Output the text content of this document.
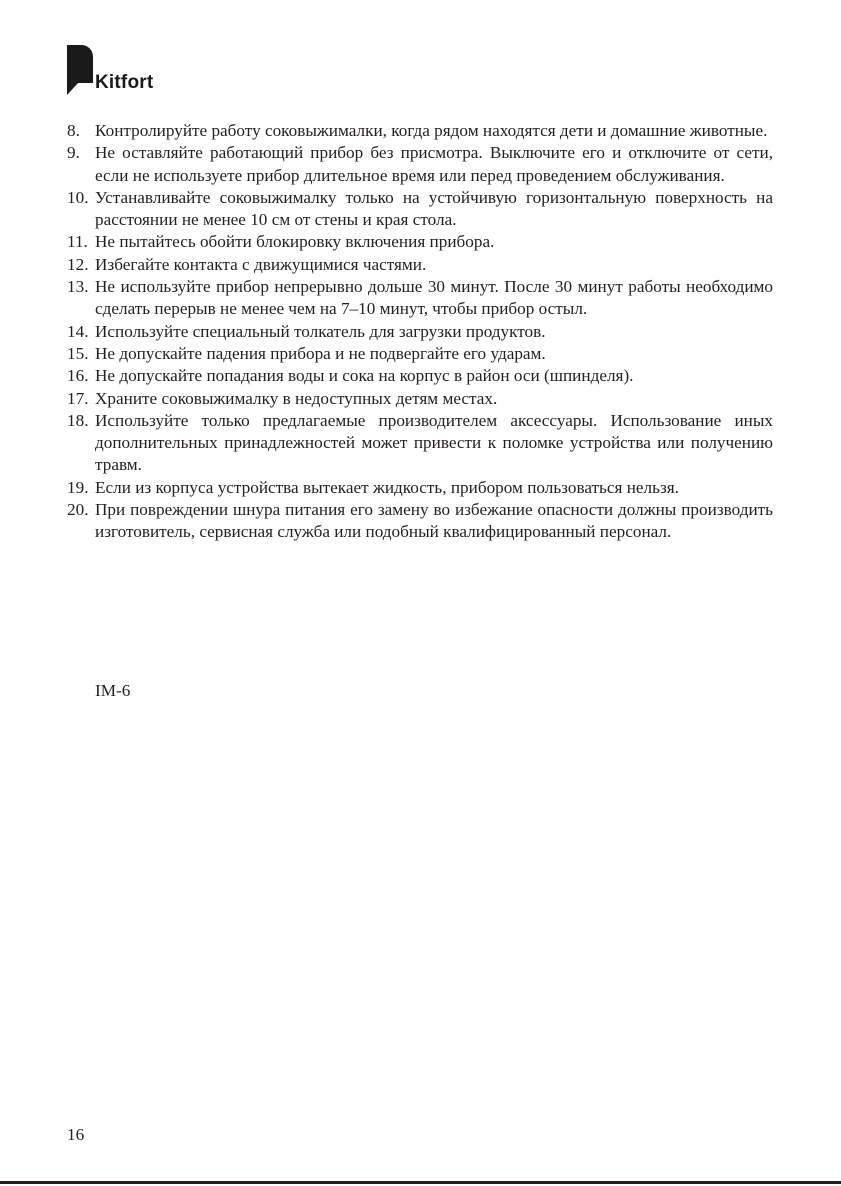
Kitfort
8. Контролируйте работу соковыжималки, когда рядом находятся дети и домашние животные.
9. Не оставляйте работающий прибор без присмотра. Выключите его и отключите от сети, если не используете прибор длительное время или перед проведением обслуживания.
10. Устанавливайте соковыжималку только на устойчивую горизонтальную поверхность на расстоянии не менее 10 см от стены и края стола.
11. Не пытайтесь обойти блокировку включения прибора.
12. Избегайте контакта с движущимися частями.
13. Не используйте прибор непрерывно дольше 30 минут. После 30 минут работы необходимо сделать перерыв не менее чем на 7–10 минут, чтобы прибор остыл.
14. Используйте специальный толкатель для загрузки продуктов.
15. Не допускайте падения прибора и не подвергайте его ударам.
16. Не допускайте попадания воды и сока на корпус в район оси (шпинделя).
17. Храните соковыжималку в недоступных детям местах.
18. Используйте только предлагаемые производителем аксессуары. Использование иных дополнительных принадлежностей может привести к поломке устройства или получению травм.
19. Если из корпуса устройства вытекает жидкость, прибором пользоваться нельзя.
20. При повреждении шнура питания его замену во избежание опасности должны производить изготовитель, сервисная служба или подобный квалифицированный персонал.
IM-6
16
